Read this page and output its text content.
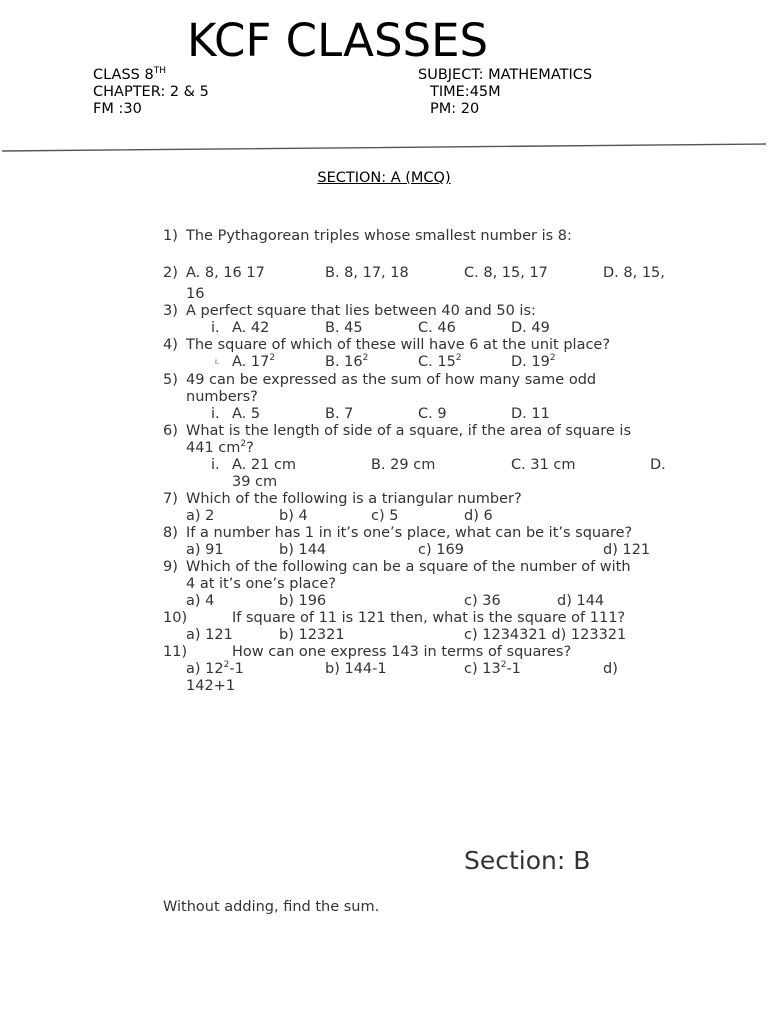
KCF CLASSES
CLASS 8TH	SUBJECT: MATHEMATICS
CHAPTER: 2 & 5	TIME:45M
FM :30	PM: 20
SECTION: A (MCQ)
1) The Pythagorean triples whose smallest number is 8:
2) A. 8, 16 17	B. 8, 17, 18	C. 8, 15, 17	D. 8, 15,
16
3) A perfect square that lies between 40 and 50 is:
i. A. 42	B. 45	C. 46	D. 49
4) The square of which of these will have 6 at the unit place?
i. A. $17^2$	B. $16^2$	C. $15^2$	D. $19^2$
5) 49 can be expressed as the sum of how many same odd
numbers?
i. A. 5	B. 7	C. 9	D. 11
6) What is the length of side of a square, if the area of square is
441 $cm^2$?
i. A. 21 cm	B. 29 cm	C. 31 cm	D.
39 cm
7) Which of the following is a triangular number?
a) 2	b) 4	c) 5	d) 6
8) If a number has 1 in it’s one’s place, what can be it’s square?
a) 91	b) 144	c) 169	d) 121
9) Which of the following can be a square of the number of with
4 at it’s one’s place?
a) 4	b) 196	c) 36	d) 144
10)	If square of 11 is 121 then, what is the square of 111?
a) 121	b) 12321	c) 1234321 d) 123321
11)	How can one express 143 in terms of squares?
a) $12^2-1$	b) 144-1	c) $13^2-1$	d)
142+1
Section: B
Without adding, find the sum.
